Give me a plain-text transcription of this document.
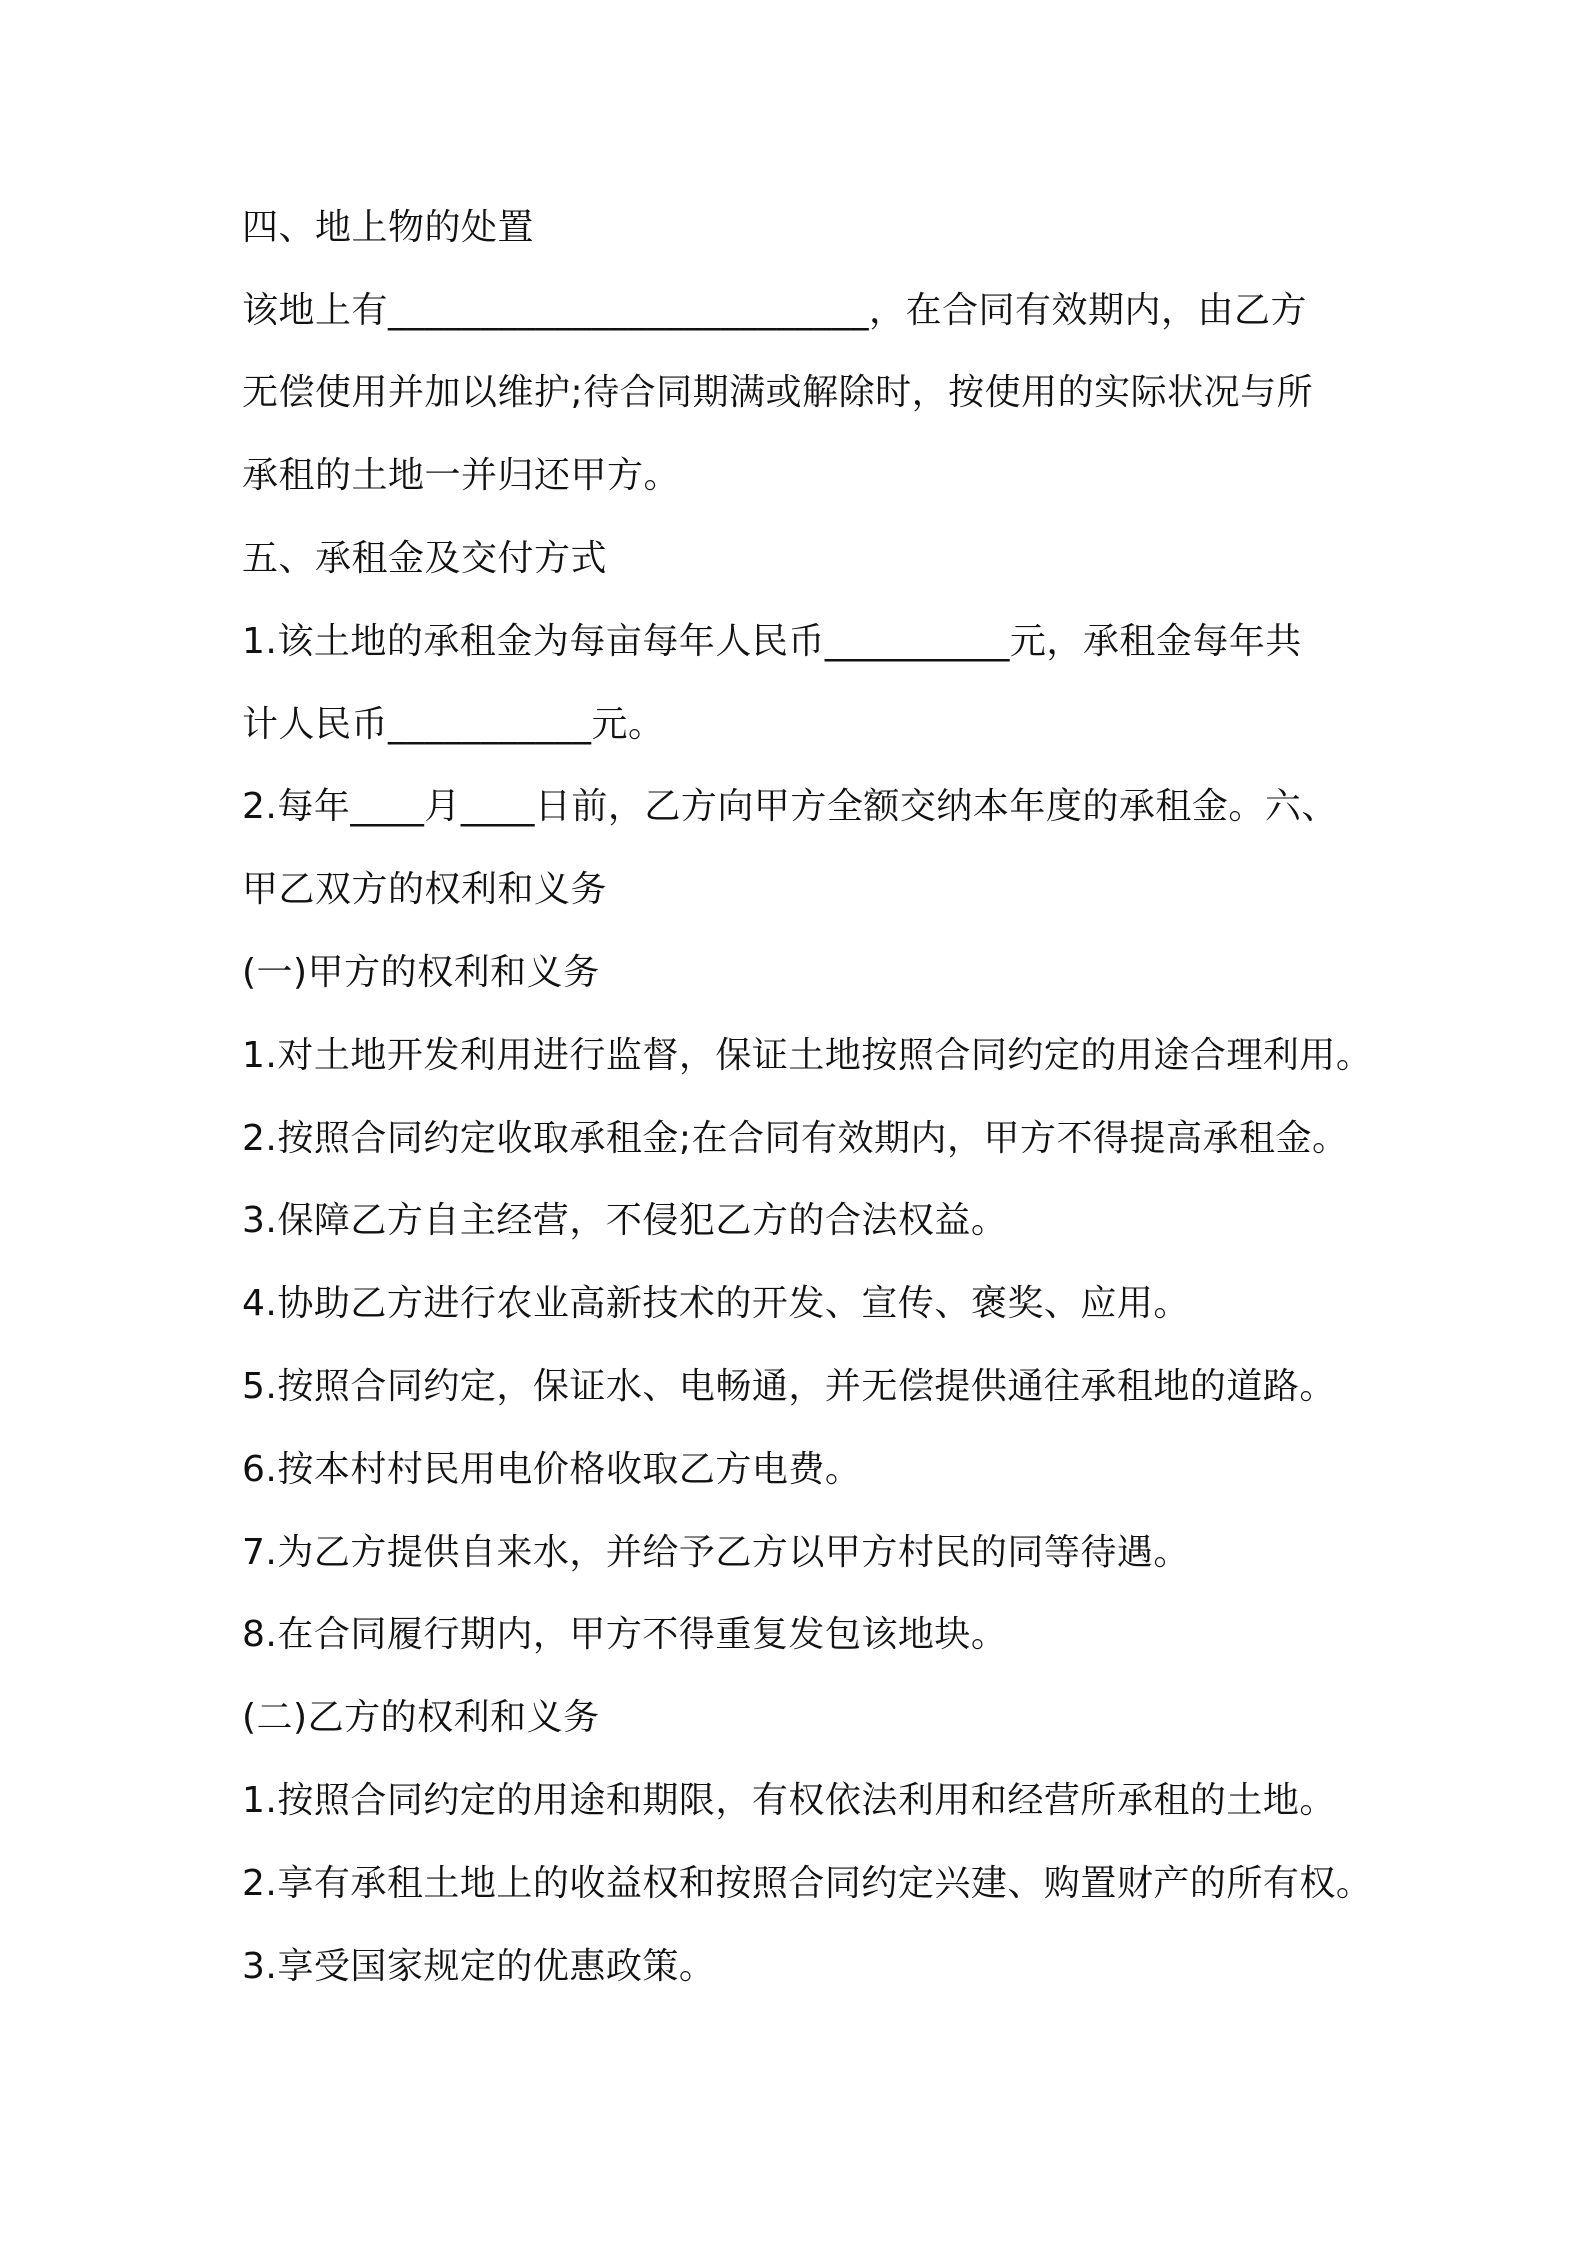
四、地上物的处置

该地上有__________________________，在合同有效期内，由乙方

无偿使用并加以维护;待合同期满或解除时，按使用的实际状况与所

承租的土地一并归还甲方。

五、承租金及交付方式

1.该土地的承租金为每亩每年人民币__________元，承租金每年共

计人民币___________元。

2.每年____月____日前，乙方向甲方全额交纳本年度的承租金。六、

甲乙双方的权利和义务

(一)甲方的权利和义务

1.对土地开发利用进行监督，保证土地按照合同约定的用途合理利用。

2.按照合同约定收取承租金;在合同有效期内，甲方不得提高承租金。

3.保障乙方自主经营，不侵犯乙方的合法权益。

4.协助乙方进行农业高新技术的开发、宣传、褒奖、应用。

5.按照合同约定，保证水、电畅通，并无偿提供通往承租地的道路。

6.按本村村民用电价格收取乙方电费。

7.为乙方提供自来水，并给予乙方以甲方村民的同等待遇。

8.在合同履行期内，甲方不得重复发包该地块。

(二)乙方的权利和义务

1.按照合同约定的用途和期限，有权依法利用和经营所承租的土地。

2.享有承租土地上的收益权和按照合同约定兴建、购置财产的所有权。

3.享受国家规定的优惠政策。
